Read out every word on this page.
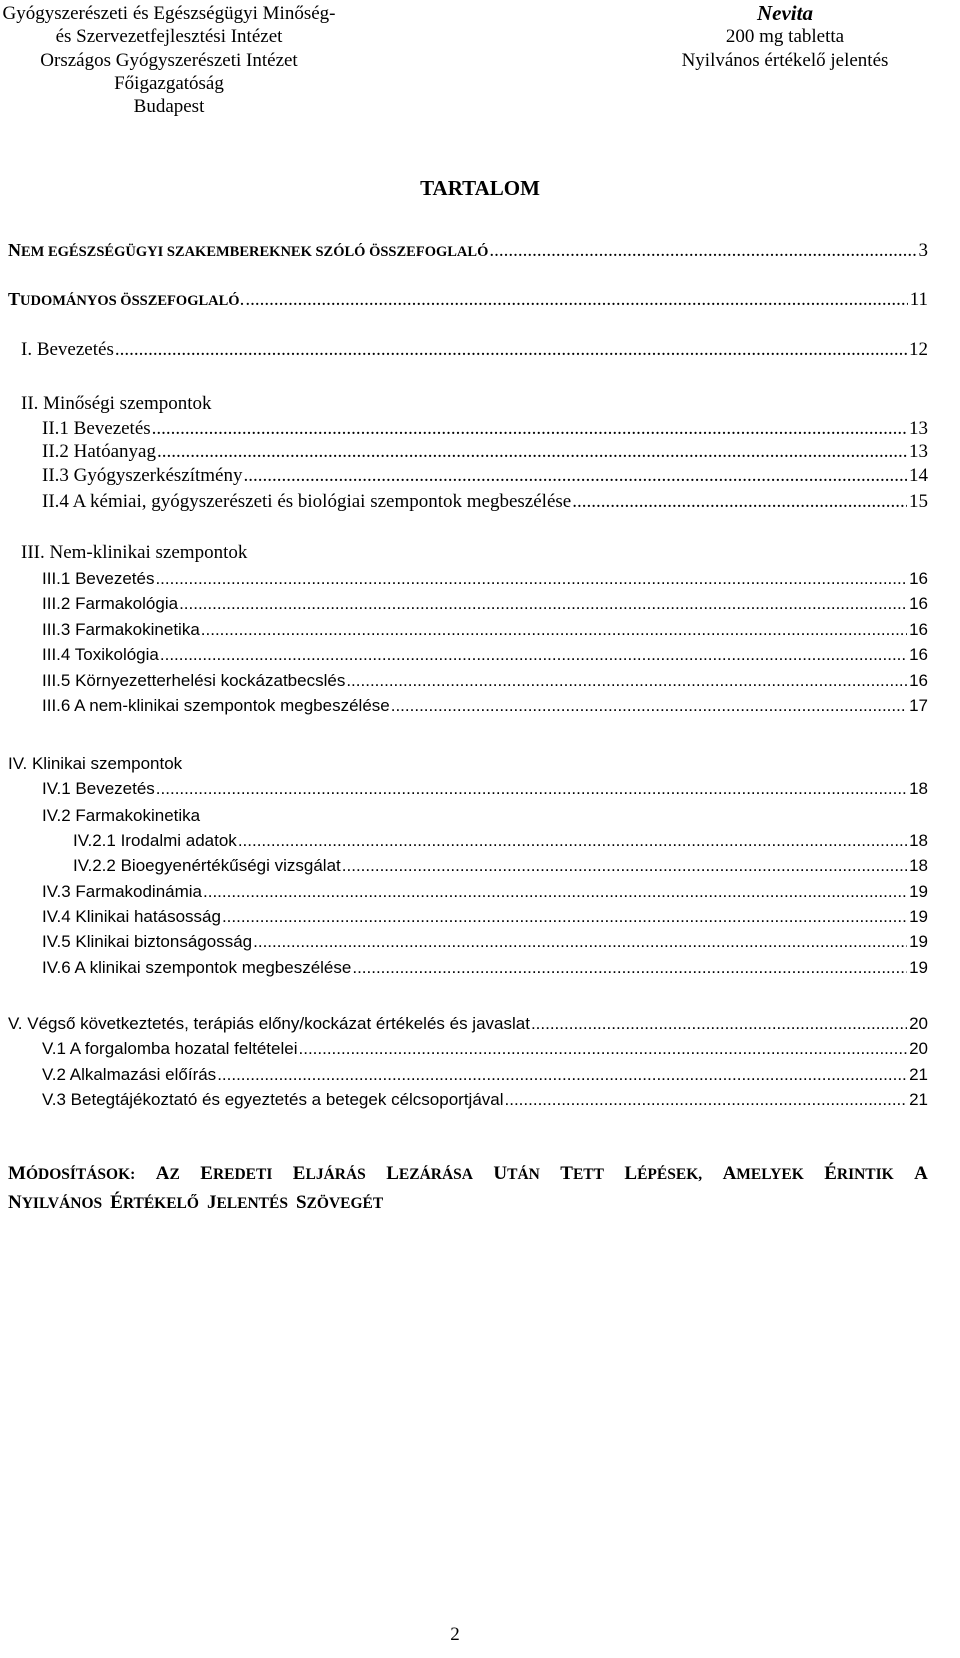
Gyógyszerészeti és Egészségügyi Minőség-
és Szervezetfejlesztési Intézet
Országos Gyógyszerészeti Intézet
Főigazgatóság
Budapest
Nevita
200 mg tabletta
Nyilvános értékelő jelentés
TARTALOM
NEM EGÉSZSÉGÜGYI SZAKEMBEREKNEK SZÓLÓ ÖSSZEFOGLALÓ .....	3
TUDOMÁNYOS ÖSSZEFOGLALÓ. .....	11
I. Bevezetés .....	12
II. Minőségi szempontok
II.1 Bevezetés .....	13
II.2 Hatóanyag .....	13
II.3 Gyógyszerkészítmény .....	14
II.4 A kémiai, gyógyszerészeti és biológiai szempontok megbeszélése .....	15
III. Nem-klinikai szempontok
III.1 Bevezetés .....	16
III.2 Farmakológia .....	16
III.3 Farmakokinetika .....	16
III.4 Toxikológia .....	16
III.5 Környezetterhelési kockázatbecslés .....	16
III.6 A nem-klinikai szempontok megbeszélése .....	17
IV. Klinikai szempontok
IV.1 Bevezetés .....	18
IV.2 Farmakokinetika
IV.2.1 Irodalmi adatok .....	18
IV.2.2 Bioegyenértékűségi vizsgálat .....	18
IV.3 Farmakodinámia .....	19
IV.4 Klinikai hatásosság .....	19
IV.5 Klinikai biztonságosság .....	19
IV.6 A klinikai szempontok megbeszélése .....	19
V. Végső következtetés, terápiás előny/kockázat értékelés és javaslat .....	20
V.1 A forgalomba hozatal feltételei .....	20
V.2 Alkalmazási előírás .....	21
V.3 Betegtájékoztató és egyeztetés a betegek célcsoportjával .....	21
MÓDOSÍTÁSOK: AZ EREDETI ELJÁRÁS LEZÁRÁSA UTÁN TETT LÉPÉSEK, AMELYEK ÉRINTIK A
NYILVÁNOS ÉRTÉKELŐ JELENTÉS SZÖVEGÉT
2
